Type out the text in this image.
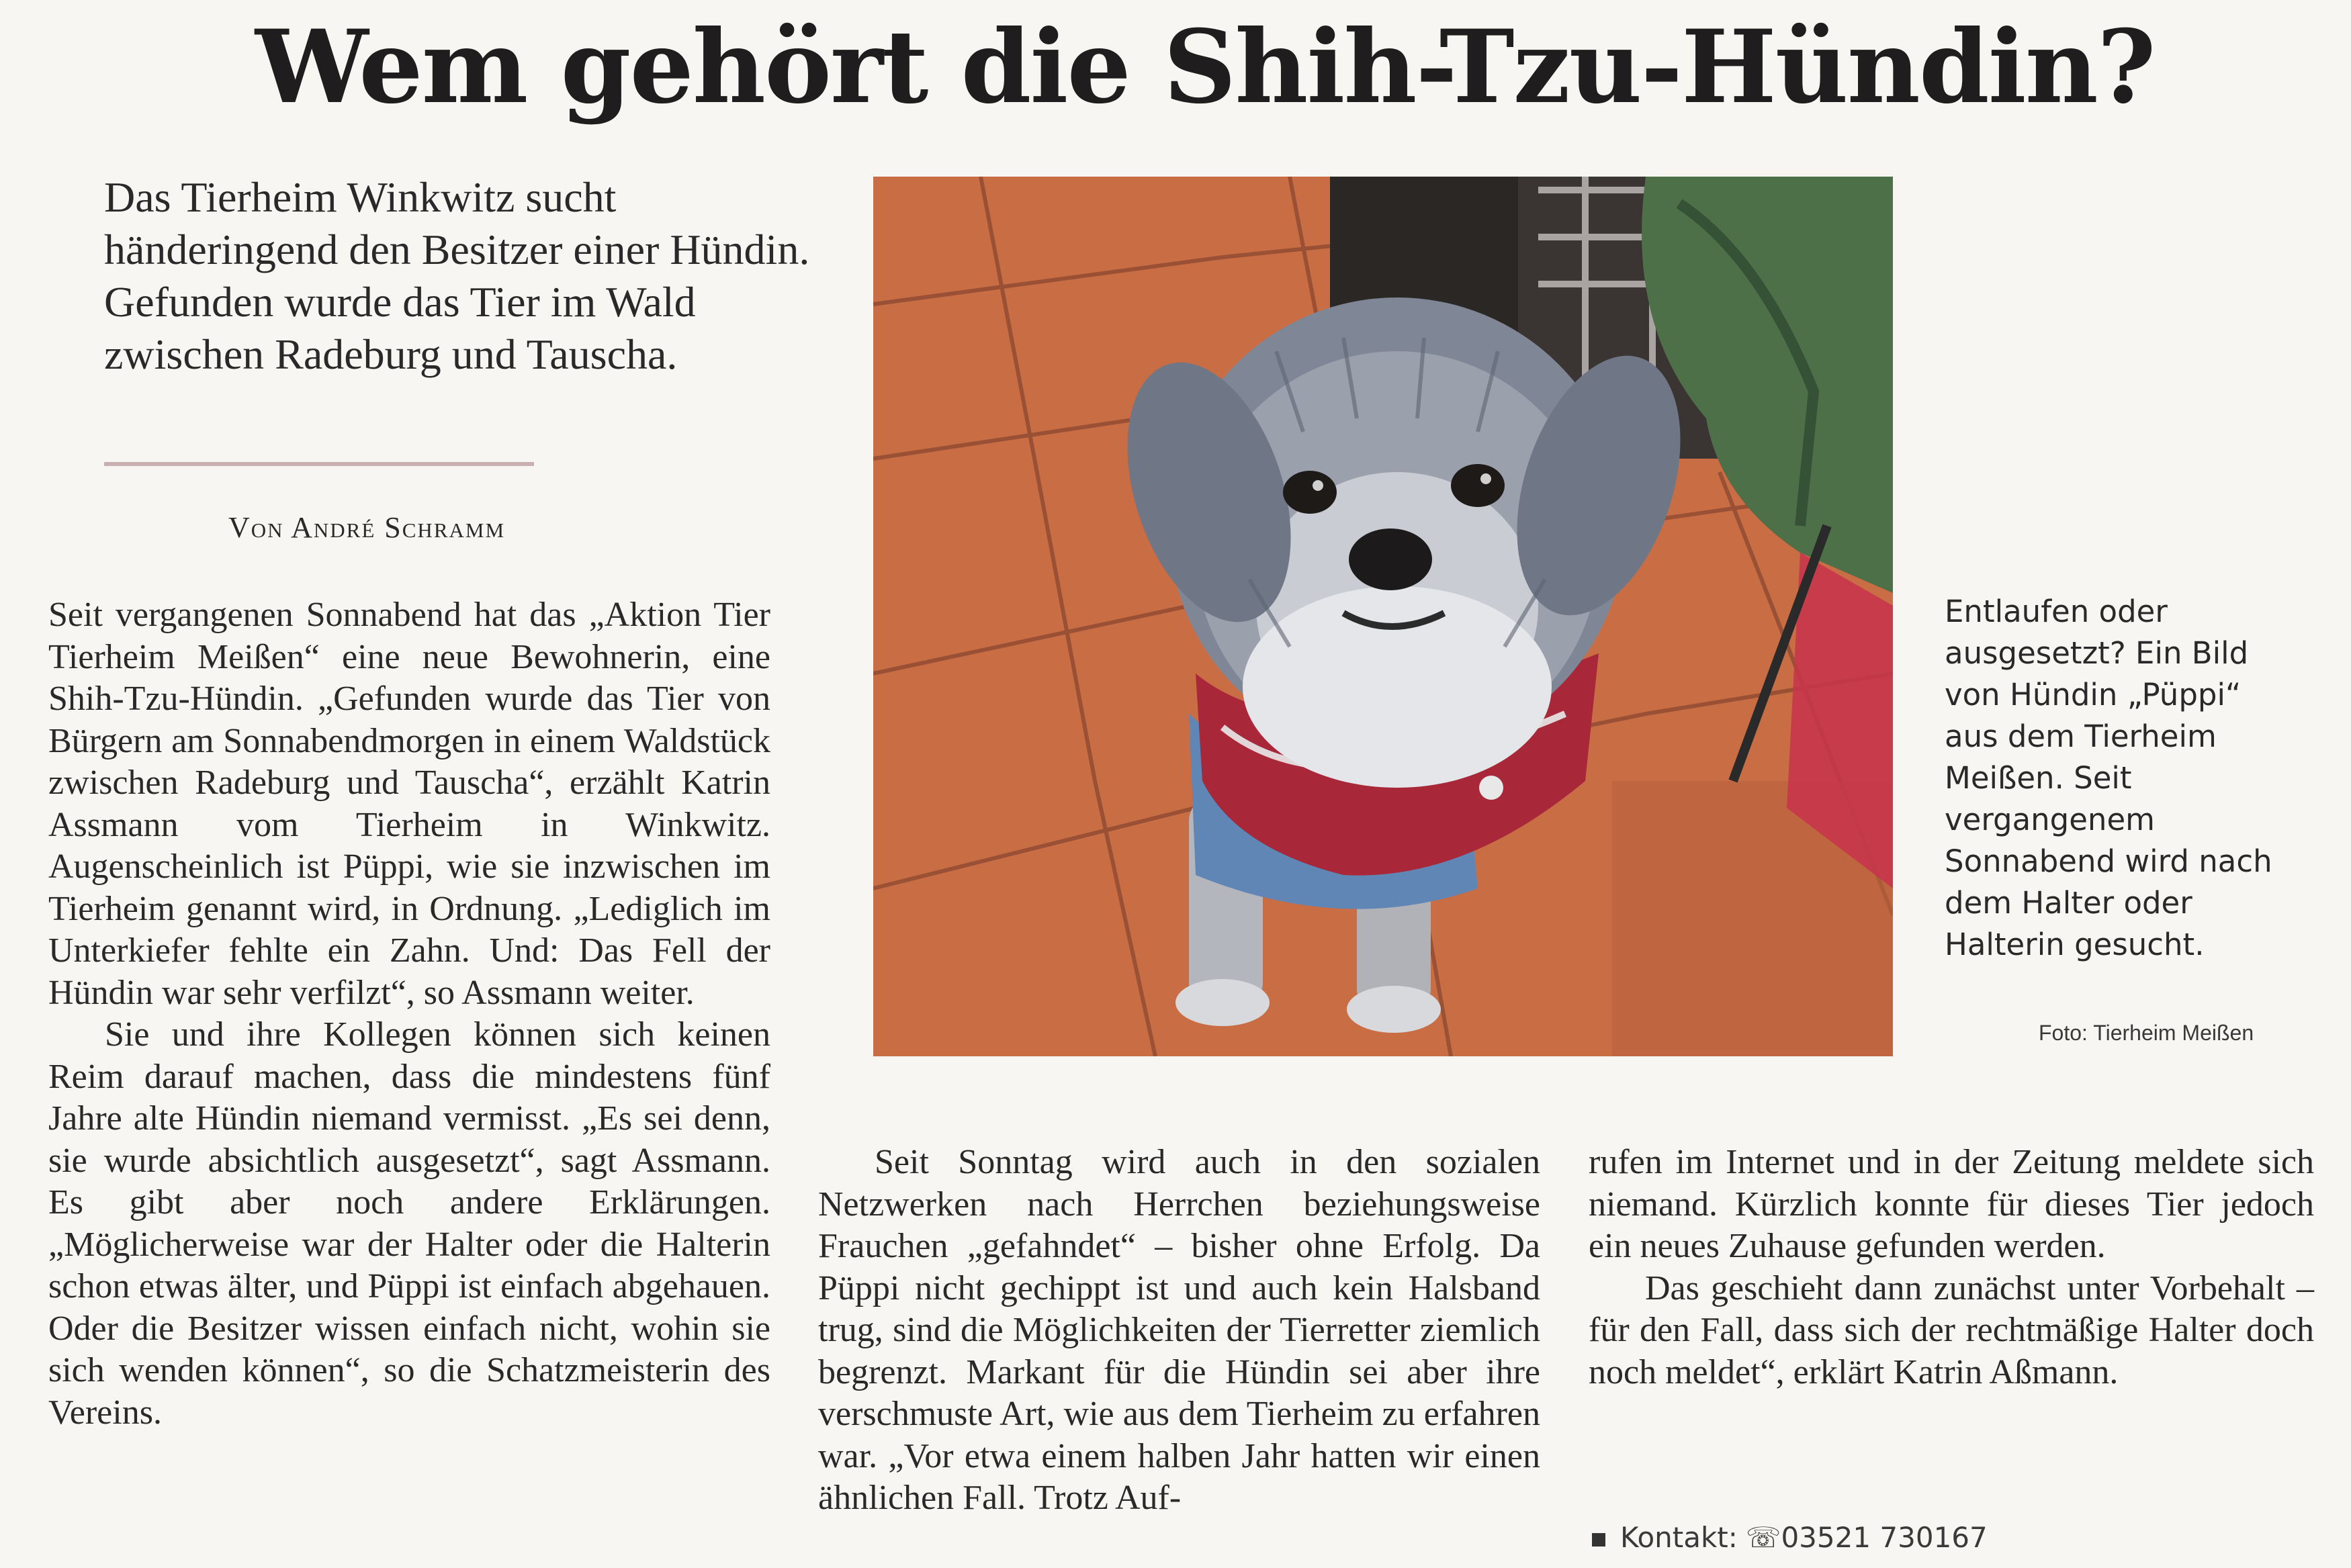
Wem gehört die Shih-Tzu-Hündin?
Das Tierheim Winkwitz sucht händeringend den Besitzer einer Hündin. Gefunden wurde das Tier im Wald zwischen Radeburg und Tauscha.
Von André Schramm

Seit vergangenen Sonnabend hat das „Aktion Tier Tierheim Meißen“ eine neue Bewohnerin, eine Shih-Tzu-Hündin. „Gefunden wurde das Tier von Bürgern am Sonnabendmorgen in einem Waldstück zwischen Radeburg und Tauscha“, erzählt Katrin Assmann vom Tierheim in Winkwitz. Augenscheinlich ist Püppi, wie sie inzwischen im Tierheim genannt wird, in Ordnung. „Lediglich im Unterkiefer fehlte ein Zahn. Und: Das Fell der Hündin war sehr verfilzt“, so Assmann weiter.

Sie und ihre Kollegen können sich keinen Reim darauf machen, dass die mindestens fünf Jahre alte Hündin niemand vermisst. „Es sei denn, sie wurde absichtlich ausgesetzt“, sagt Assmann. Es gibt aber noch andere Erklärungen. „Möglicherweise war der Halter oder die Halterin schon etwas älter, und Püppi ist einfach abgehauen. Oder die Besitzer wissen einfach nicht, wohin sie sich wenden können“, so die Schatzmeisterin des Vereins.

Entlaufen oder ausgesetzt? Ein Bild von Hündin „Püppi“ aus dem Tierheim Meißen. Seit vergangenem Sonnabend wird nach dem Halter oder Halterin gesucht.
Foto: Tierheim Meißen

Seit Sonntag wird auch in den sozialen Netzwerken nach Herrchen beziehungsweise Frauchen „gefahndet“ – bisher ohne Erfolg. Da Püppi nicht gechippt ist und auch kein Halsband trug, sind die Möglichkeiten der Tierretter ziemlich begrenzt. Markant für die Hündin sei aber ihre verschmuste Art, wie aus dem Tierheim zu erfahren war. „Vor etwa einem halben Jahr hatten wir einen ähnlichen Fall. Trotz Auf-

rufen im Internet und in der Zeitung meldete sich niemand. Kürzlich konnte für dieses Tier jedoch ein neues Zuhause gefunden werden.

Das geschieht dann zunächst unter Vorbehalt – für den Fall, dass sich der rechtmäßige Halter doch noch meldet“, erklärt Katrin Aßmann.

Kontakt: ☏03521 730167
